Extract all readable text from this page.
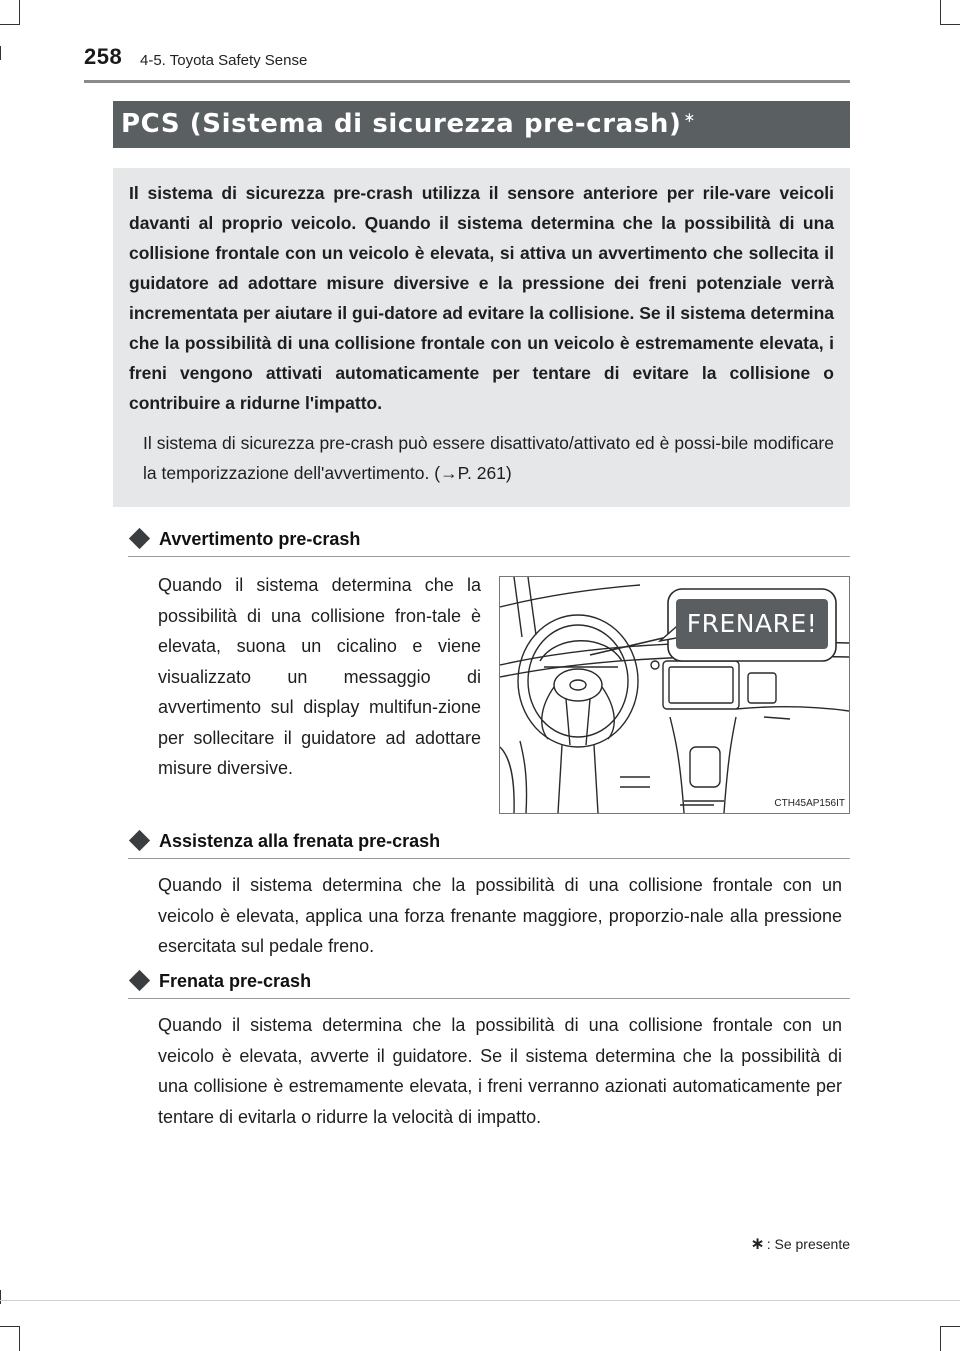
258 4-5. Toyota Safety Sense
PCS (Sistema di sicurezza pre-crash) ∗
Il sistema di sicurezza pre-crash utilizza il sensore anteriore per rile-vare veicoli davanti al proprio veicolo. Quando il sistema determina che la possibilità di una collisione frontale con un veicolo è elevata, si attiva un avvertimento che sollecita il guidatore ad adottare misure diversive e la pressione dei freni potenziale verrà incrementata per aiutare il gui-datore ad evitare la collisione. Se il sistema determina che la possibilità di una collisione frontale con un veicolo è estremamente elevata, i freni vengono attivati automaticamente per tentare di evitare la collisione o contribuire a ridurne l'impatto.
Il sistema di sicurezza pre-crash può essere disattivato/attivato ed è possi-bile modificare la temporizzazione dell'avvertimento. (→P. 261)
Avvertimento pre-crash
Quando il sistema determina che la possibilità di una collisione fron-tale è elevata, suona un cicalino e viene visualizzato un messaggio di avvertimento sul display multifun-zione per sollecitare il guidatore ad adottare misure diversive.
FRENARE!
CTH45AP156IT
Assistenza alla frenata pre-crash
Quando il sistema determina che la possibilità di una collisione frontale con un veicolo è elevata, applica una forza frenante maggiore, proporzio-nale alla pressione esercitata sul pedale freno.
Frenata pre-crash
Quando il sistema determina che la possibilità di una collisione frontale con un veicolo è elevata, avverte il guidatore. Se il sistema determina che la possibilità di una collisione è estremamente elevata, i freni verranno azionati automaticamente per tentare di evitarla o ridurre la velocità di impatto.
∗ : Se presente
